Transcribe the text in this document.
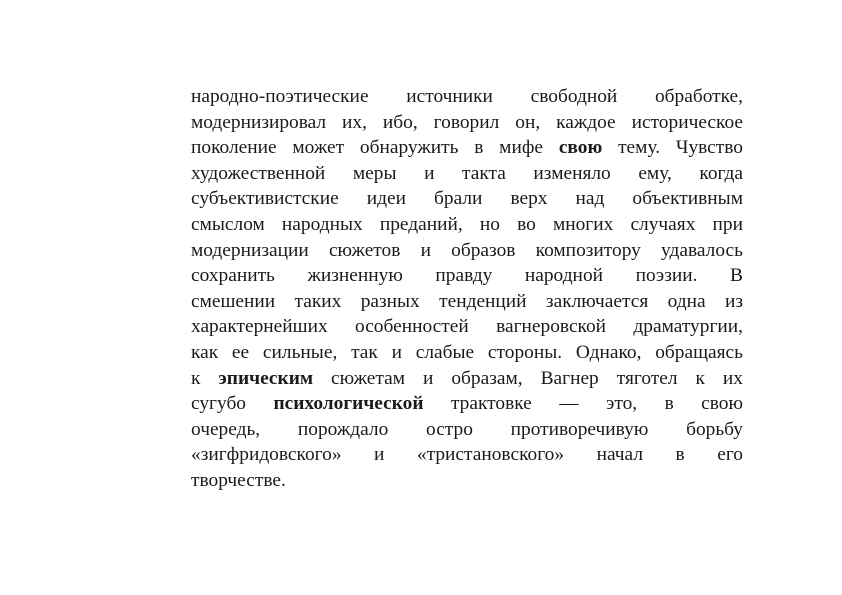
народно-поэтические источники свободной обработке,
модернизировал их, ибо, говорил он, каждое историческое
поколение может обнаружить в мифе свою тему. Чувство
художественной меры и такта изменяло ему, когда
субъективистские идеи брали верх над объективным
смыслом народных преданий, но во многих случаях при
модернизации сюжетов и образов композитору удавалось
сохранить жизненную правду народной поэзии. В
смешении таких разных тенденций заключается одна из
характернейших особенностей вагнеровской драматургии,
как ее сильные, так и слабые стороны. Однако, обращаясь
к эпическим сюжетам и образам, Вагнер тяготел к их
сугубо психологической трактовке — это, в свою
очередь, порождало остро противоречивую борьбу
«зигфридовского» и «тристановского» начал в его
творчестве.
